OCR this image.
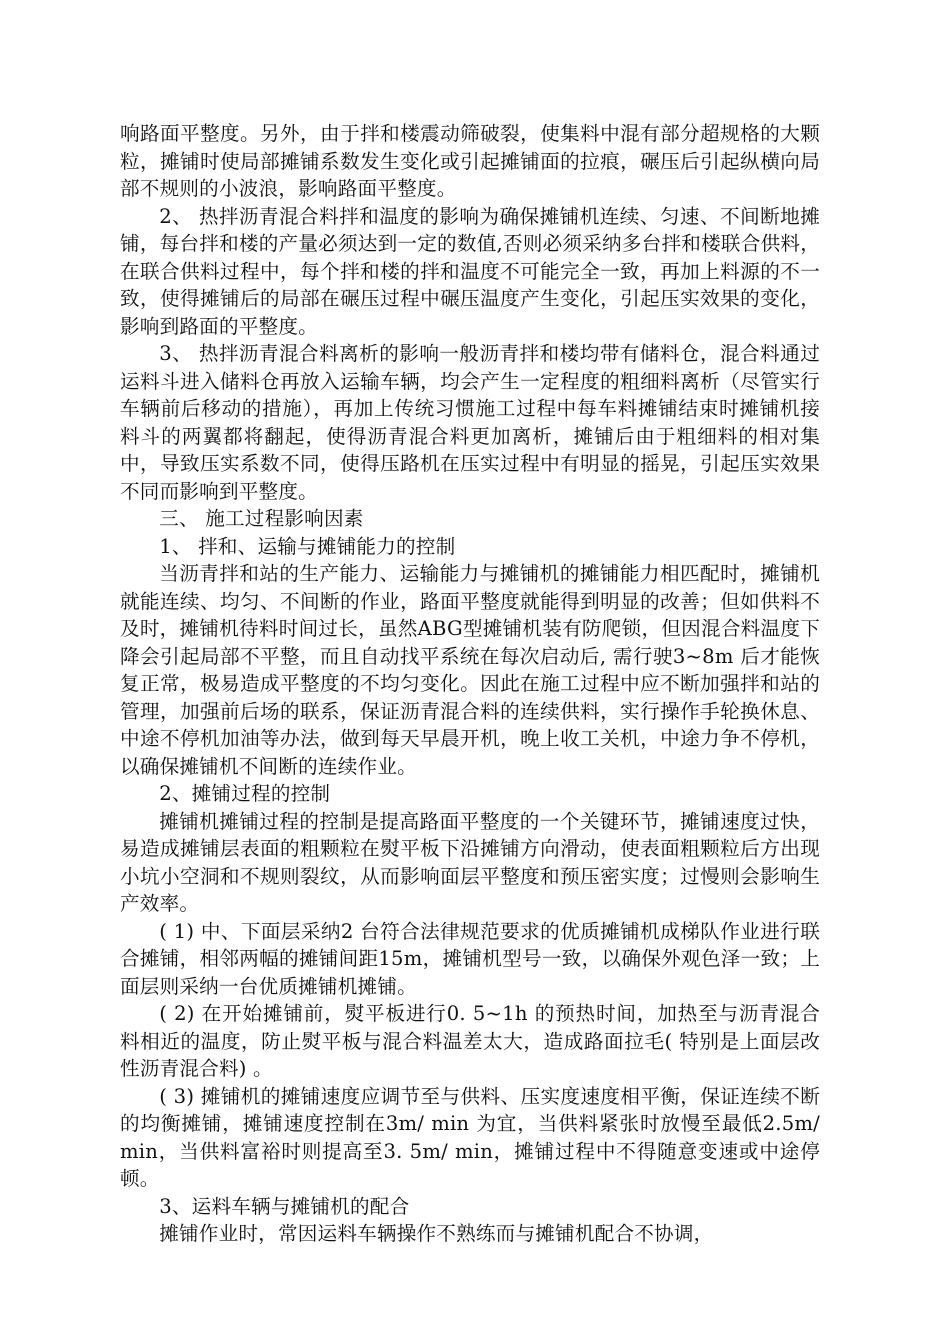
响路面平整度。另外，由于拌和楼震动筛破裂，使集料中混有部分超规格的大颗粒，摊铺时使局部摊铺系数发生变化或引起摊铺面的拉痕，碾压后引起纵横向局部不规则的小波浪，影响路面平整度。

2、 热拌沥青混合料拌和温度的影响为确保摊铺机连续、匀速、不间断地摊铺，每台拌和楼的产量必须达到一定的数值,否则必须采纳多台拌和楼联合供料，在联合供料过程中，每个拌和楼的拌和温度不可能完全一致，再加上料源的不一致，使得摊铺后的局部在碾压过程中碾压温度产生变化，引起压实效果的变化，影响到路面的平整度。

3、 热拌沥青混合料离析的影响一般沥青拌和楼均带有储料仓，混合料通过运料斗进入储料仓再放入运输车辆，均会产生一定程度的粗细料离析（尽管实行车辆前后移动的措施），再加上传统习惯施工过程中每车料摊铺结束时摊铺机接料斗的两翼都将翻起，使得沥青混合料更加离析，摊铺后由于粗细料的相对集中，导致压实系数不同，使得压路机在压实过程中有明显的摇晃，引起压实效果不同而影响到平整度。

三、 施工过程影响因素

1、 拌和、运输与摊铺能力的控制

当沥青拌和站的生产能力、运输能力与摊铺机的摊铺能力相匹配时，摊铺机就能连续、均匀、不间断的作业，路面平整度就能得到明显的改善；但如供料不及时，摊铺机待料时间过长，虽然ABG型摊铺机装有防爬锁，但因混合料温度下降会引起局部不平整，而且自动找平系统在每次启动后, 需行驶3~8m 后才能恢复正常，极易造成平整度的不均匀变化。因此在施工过程中应不断加强拌和站的管理，加强前后场的联系，保证沥青混合料的连续供料，实行操作手轮换休息、中途不停机加油等办法，做到每天早晨开机，晚上收工关机，中途力争不停机，以确保摊铺机不间断的连续作业。

2、摊铺过程的控制

摊铺机摊铺过程的控制是提高路面平整度的一个关键环节，摊铺速度过快，易造成摊铺层表面的粗颗粒在熨平板下沿摊铺方向滑动，使表面粗颗粒后方出现小坑小空洞和不规则裂纹，从而影响面层平整度和预压密实度；过慢则会影响生产效率。

( 1) 中、下面层采纳2 台符合法律规范要求的优质摊铺机成梯队作业进行联合摊铺，相邻两幅的摊铺间距15m，摊铺机型号一致，以确保外观色泽一致；上面层则采纳一台优质摊铺机摊铺。

( 2) 在开始摊铺前，熨平板进行0. 5~1h 的预热时间，加热至与沥青混合料相近的温度，防止熨平板与混合料温差太大，造成路面拉毛( 特别是上面层改性沥青混合料) 。

( 3) 摊铺机的摊铺速度应调节至与供料、压实度速度相平衡，保证连续不断的均衡摊铺，摊铺速度控制在3m/ min 为宜，当供料紧张时放慢至最低2.5m/ min，当供料富裕时则提高至3. 5m/ min，摊铺过程中不得随意变速或中途停顿。

3、运料车辆与摊铺机的配合

摊铺作业时，常因运料车辆操作不熟练而与摊铺机配合不协调，
